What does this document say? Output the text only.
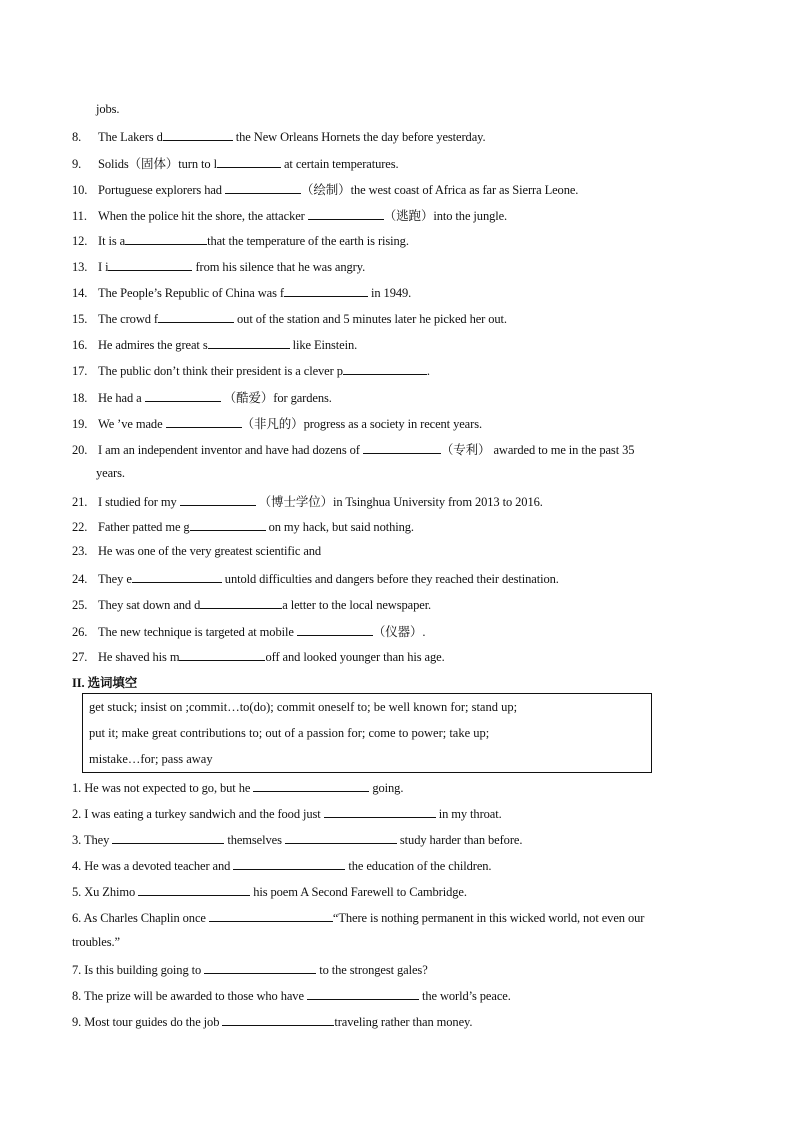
jobs.
8. The Lakers d	the New Orleans Hornets the day before yesterday.
9. Solids（固体）turn to l	at certain temperatures.
10. Portuguese explorers had	（绘制）the west coast of Africa as far as Sierra Leone.
11. When the police hit the shore, the attacker	（逃跑）into the jungle.
12. It is a	that the temperature of the earth is rising.
13. I i	from his silence that he was angry.
14. The People’s Republic of China was f	in 1949.
15. The crowd f	out of the station and 5 minutes later he picked her out.
16. He admires the great s	like Einstein.
17. The public don’t think their president is a clever p	.
18. He had a	（酷爱）for gardens.
19. We ’ve made	（非凡的）progress as a society in recent years.
20. I am an independent inventor and have had dozens of	（专利） awarded to me in the past 35
years.
21. I studied for my	（博士学位）in Tsinghua University from 2013 to 2016.
22. Father patted me g	on my hack, but said nothing.
23. He was one of the very greatest scientific and
24. They e	untold difficulties and dangers before they reached their destination.
25. They sat down and d	a letter to the local newspaper.
26. The new technique is targeted at mobile	（仪器）.
27. He shaved his m	off and looked younger than his age.
II. 选词填空
get stuck; insist on ;commit…to(do); commit oneself to; be well known for; stand up;
put it; make great contributions to; out of a passion for; come to power; take up;
mistake…for; pass away
1. He was not expected to go, but he	going.
2. I was eating a turkey sandwich and the food just	in my throat.
3. They	themselves	study harder than before.
4. He was a devoted teacher and	the education of the children.
5. Xu Zhimo	his poem A Second Farewell to Cambridge.
6. As Charles Chaplin once	“There is nothing permanent in this wicked world, not even our
troubles.”
7. Is this building going to	to the strongest gales?
8. The prize will be awarded to those who have	the world’s peace.
9. Most tour guides do the job	traveling rather than money.
